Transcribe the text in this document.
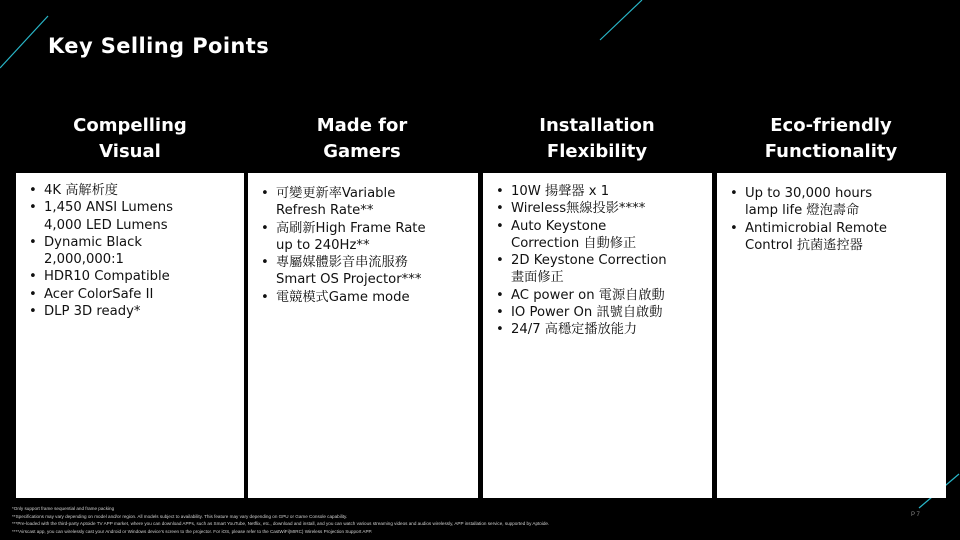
Key Selling Points
Compelling
Visual
Made for
Gamers
Installation
Flexibility
Eco-friendly
Functionality
• 4K 高解析度
• 1,450 ANSI Lumens
4,000 LED Lumens
• Dynamic Black
2,000,000:1
• HDR10 Compatible
• Acer ColorSafe II
• DLP 3D ready*
• 可變更新率Variable
Refresh Rate**
• 高刷新High Frame Rate
up to 240Hz**
• 專屬媒體影音串流服務
Smart OS Projector***
• 電競模式Game mode
• 10W 揚聲器 x 1
• Wireless無線投影****
• Auto Keystone
Correction 自動修正
• 2D Keystone Correction
畫面修正
• AC power on 電源自啟動
• IO Power On 訊號自啟動
• 24/7 高穩定播放能力
• Up to 30,000 hours
lamp life 燈泡壽命
• Antimicrobial Remote
Control 抗菌遙控器
*Only support frame sequential and frame packing
**Specifications may vary depending on model and/or region. All models subject to availability. This feature may vary depending on GPU or Game Console capability.
***Pre-loaded with the third-party Aptoide TV APP market, where you can download APPs, such as Smart YouTube, Netflix, etc., download and install, and you can watch various streaming videos and audios wirelessly, APP installation service, supported by Aptoide.
****Airscast app, you can wirelessly cast your Android or Windows device's screen to the projector. For iOS, please refer to the CastWiFi(MIRC) Wireless Projection Support APP.
P 7
